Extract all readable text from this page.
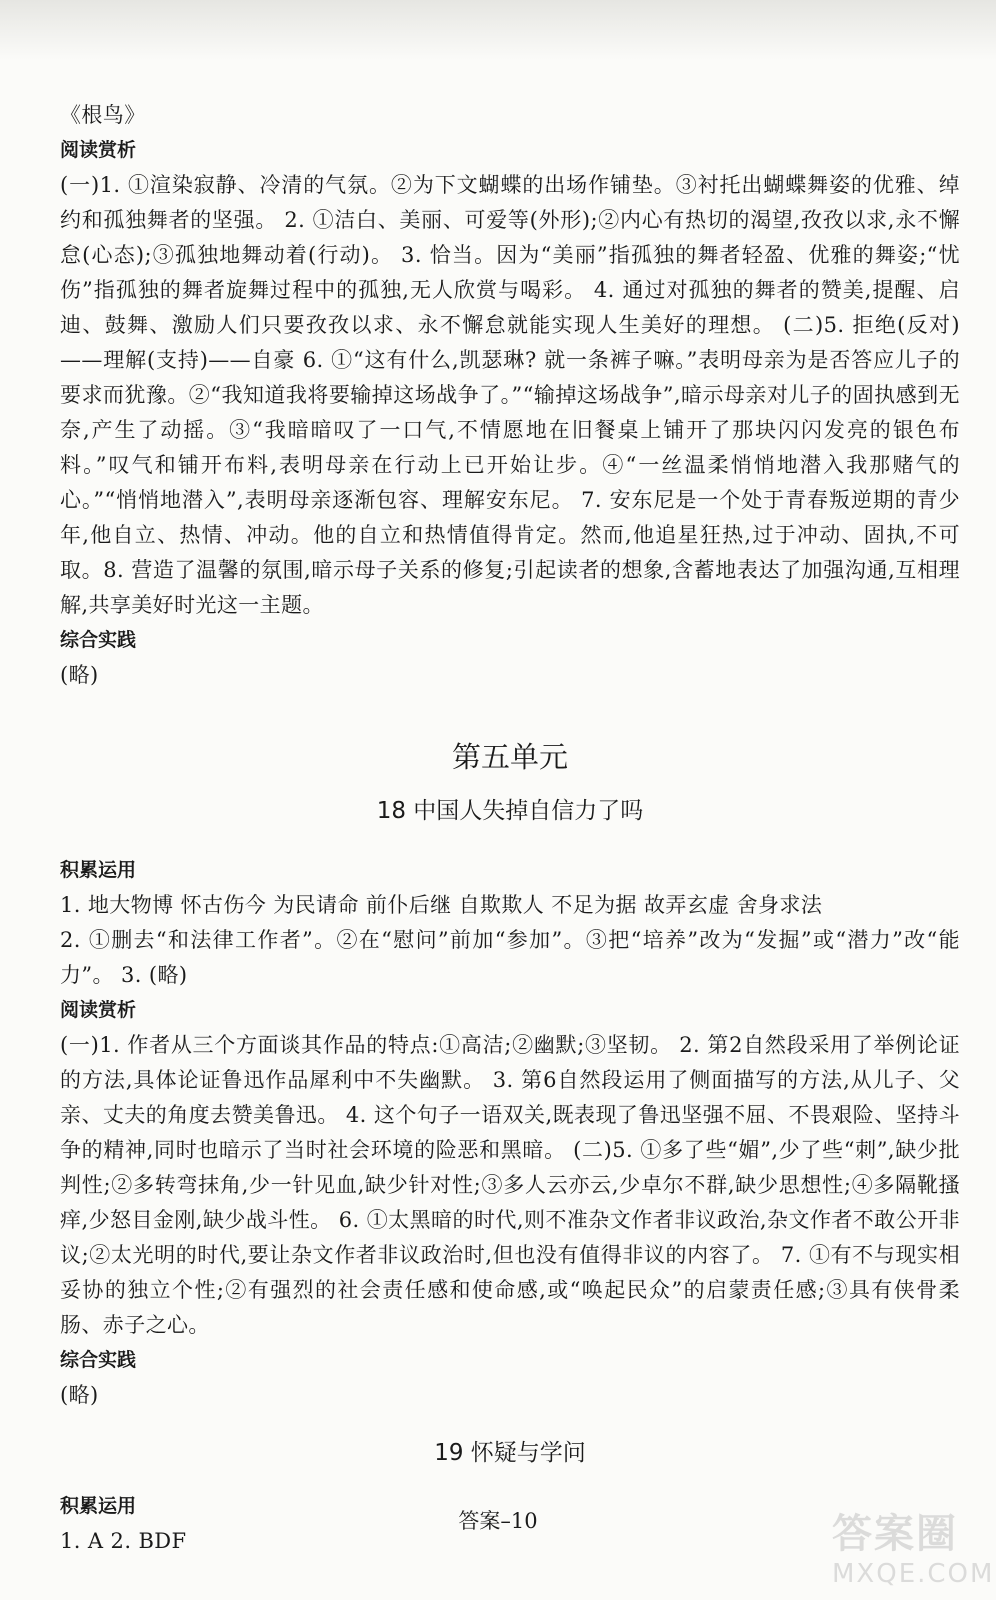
《根鸟》
阅读赏析
(一)1. ①渲染寂静、冷清的气氛。②为下文蝴蝶的出场作铺垫。③衬托出蝴蝶舞姿的优雅、绰约和孤独舞者的坚强。 2. ①洁白、美丽、可爱等(外形);②内心有热切的渴望,孜孜以求,永不懈怠(心态);③孤独地舞动着(行动)。 3. 恰当。因为“美丽”指孤独的舞者轻盈、优雅的舞姿;“忧伤”指孤独的舞者旋舞过程中的孤独,无人欣赏与喝彩。 4. 通过对孤独的舞者的赞美,提醒、启迪、鼓舞、激励人们只要孜孜以求、永不懈怠就能实现人生美好的理想。 (二)5. 拒绝(反对)——理解(支持)——自豪 6. ①“这有什么,凯瑟琳? 就一条裤子嘛。”表明母亲为是否答应儿子的要求而犹豫。②“我知道我将要输掉这场战争了。”“输掉这场战争”,暗示母亲对儿子的固执感到无奈,产生了动摇。③“我暗暗叹了一口气,不情愿地在旧餐桌上铺开了那块闪闪发亮的银色布料。”叹气和铺开布料,表明母亲在行动上已开始让步。④“一丝温柔悄悄地潜入我那赌气的心。”“悄悄地潜入”,表明母亲逐渐包容、理解安东尼。 7. 安东尼是一个处于青春叛逆期的青少年,他自立、热情、冲动。他的自立和热情值得肯定。然而,他追星狂热,过于冲动、固执,不可取。8. 营造了温馨的氛围,暗示母子关系的修复;引起读者的想象,含蓄地表达了加强沟通,互相理解,共享美好时光这一主题。
综合实践
(略)
第五单元
18 中国人失掉自信力了吗
积累运用
1. 地大物博 怀古伤今 为民请命 前仆后继 自欺欺人 不足为据 故弄玄虚 舍身求法
2. ①删去“和法律工作者”。②在“慰问”前加“参加”。③把“培养”改为“发掘”或“潜力”改“能力”。 3. (略)
阅读赏析
(一)1. 作者从三个方面谈其作品的特点:①高洁;②幽默;③坚韧。 2. 第2自然段采用了举例论证的方法,具体论证鲁迅作品犀利中不失幽默。 3. 第6自然段运用了侧面描写的方法,从儿子、父亲、丈夫的角度去赞美鲁迅。 4. 这个句子一语双关,既表现了鲁迅坚强不屈、不畏艰险、坚持斗争的精神,同时也暗示了当时社会环境的险恶和黑暗。 (二)5. ①多了些“媚”,少了些“刺”,缺少批判性;②多转弯抹角,少一针见血,缺少针对性;③多人云亦云,少卓尔不群,缺少思想性;④多隔靴搔痒,少怒目金刚,缺少战斗性。 6. ①太黑暗的时代,则不准杂文作者非议政治,杂文作者不敢公开非议;②太光明的时代,要让杂文作者非议政治时,但也没有值得非议的内容了。 7. ①有不与现实相妥协的独立个性;②有强烈的社会责任感和使命感,或“唤起民众”的启蒙责任感;③具有侠骨柔肠、赤子之心。
综合实践
(略)
19 怀疑与学问
积累运用
1. A 2. BDF
答案–10	答案圈
MXQE.COM
